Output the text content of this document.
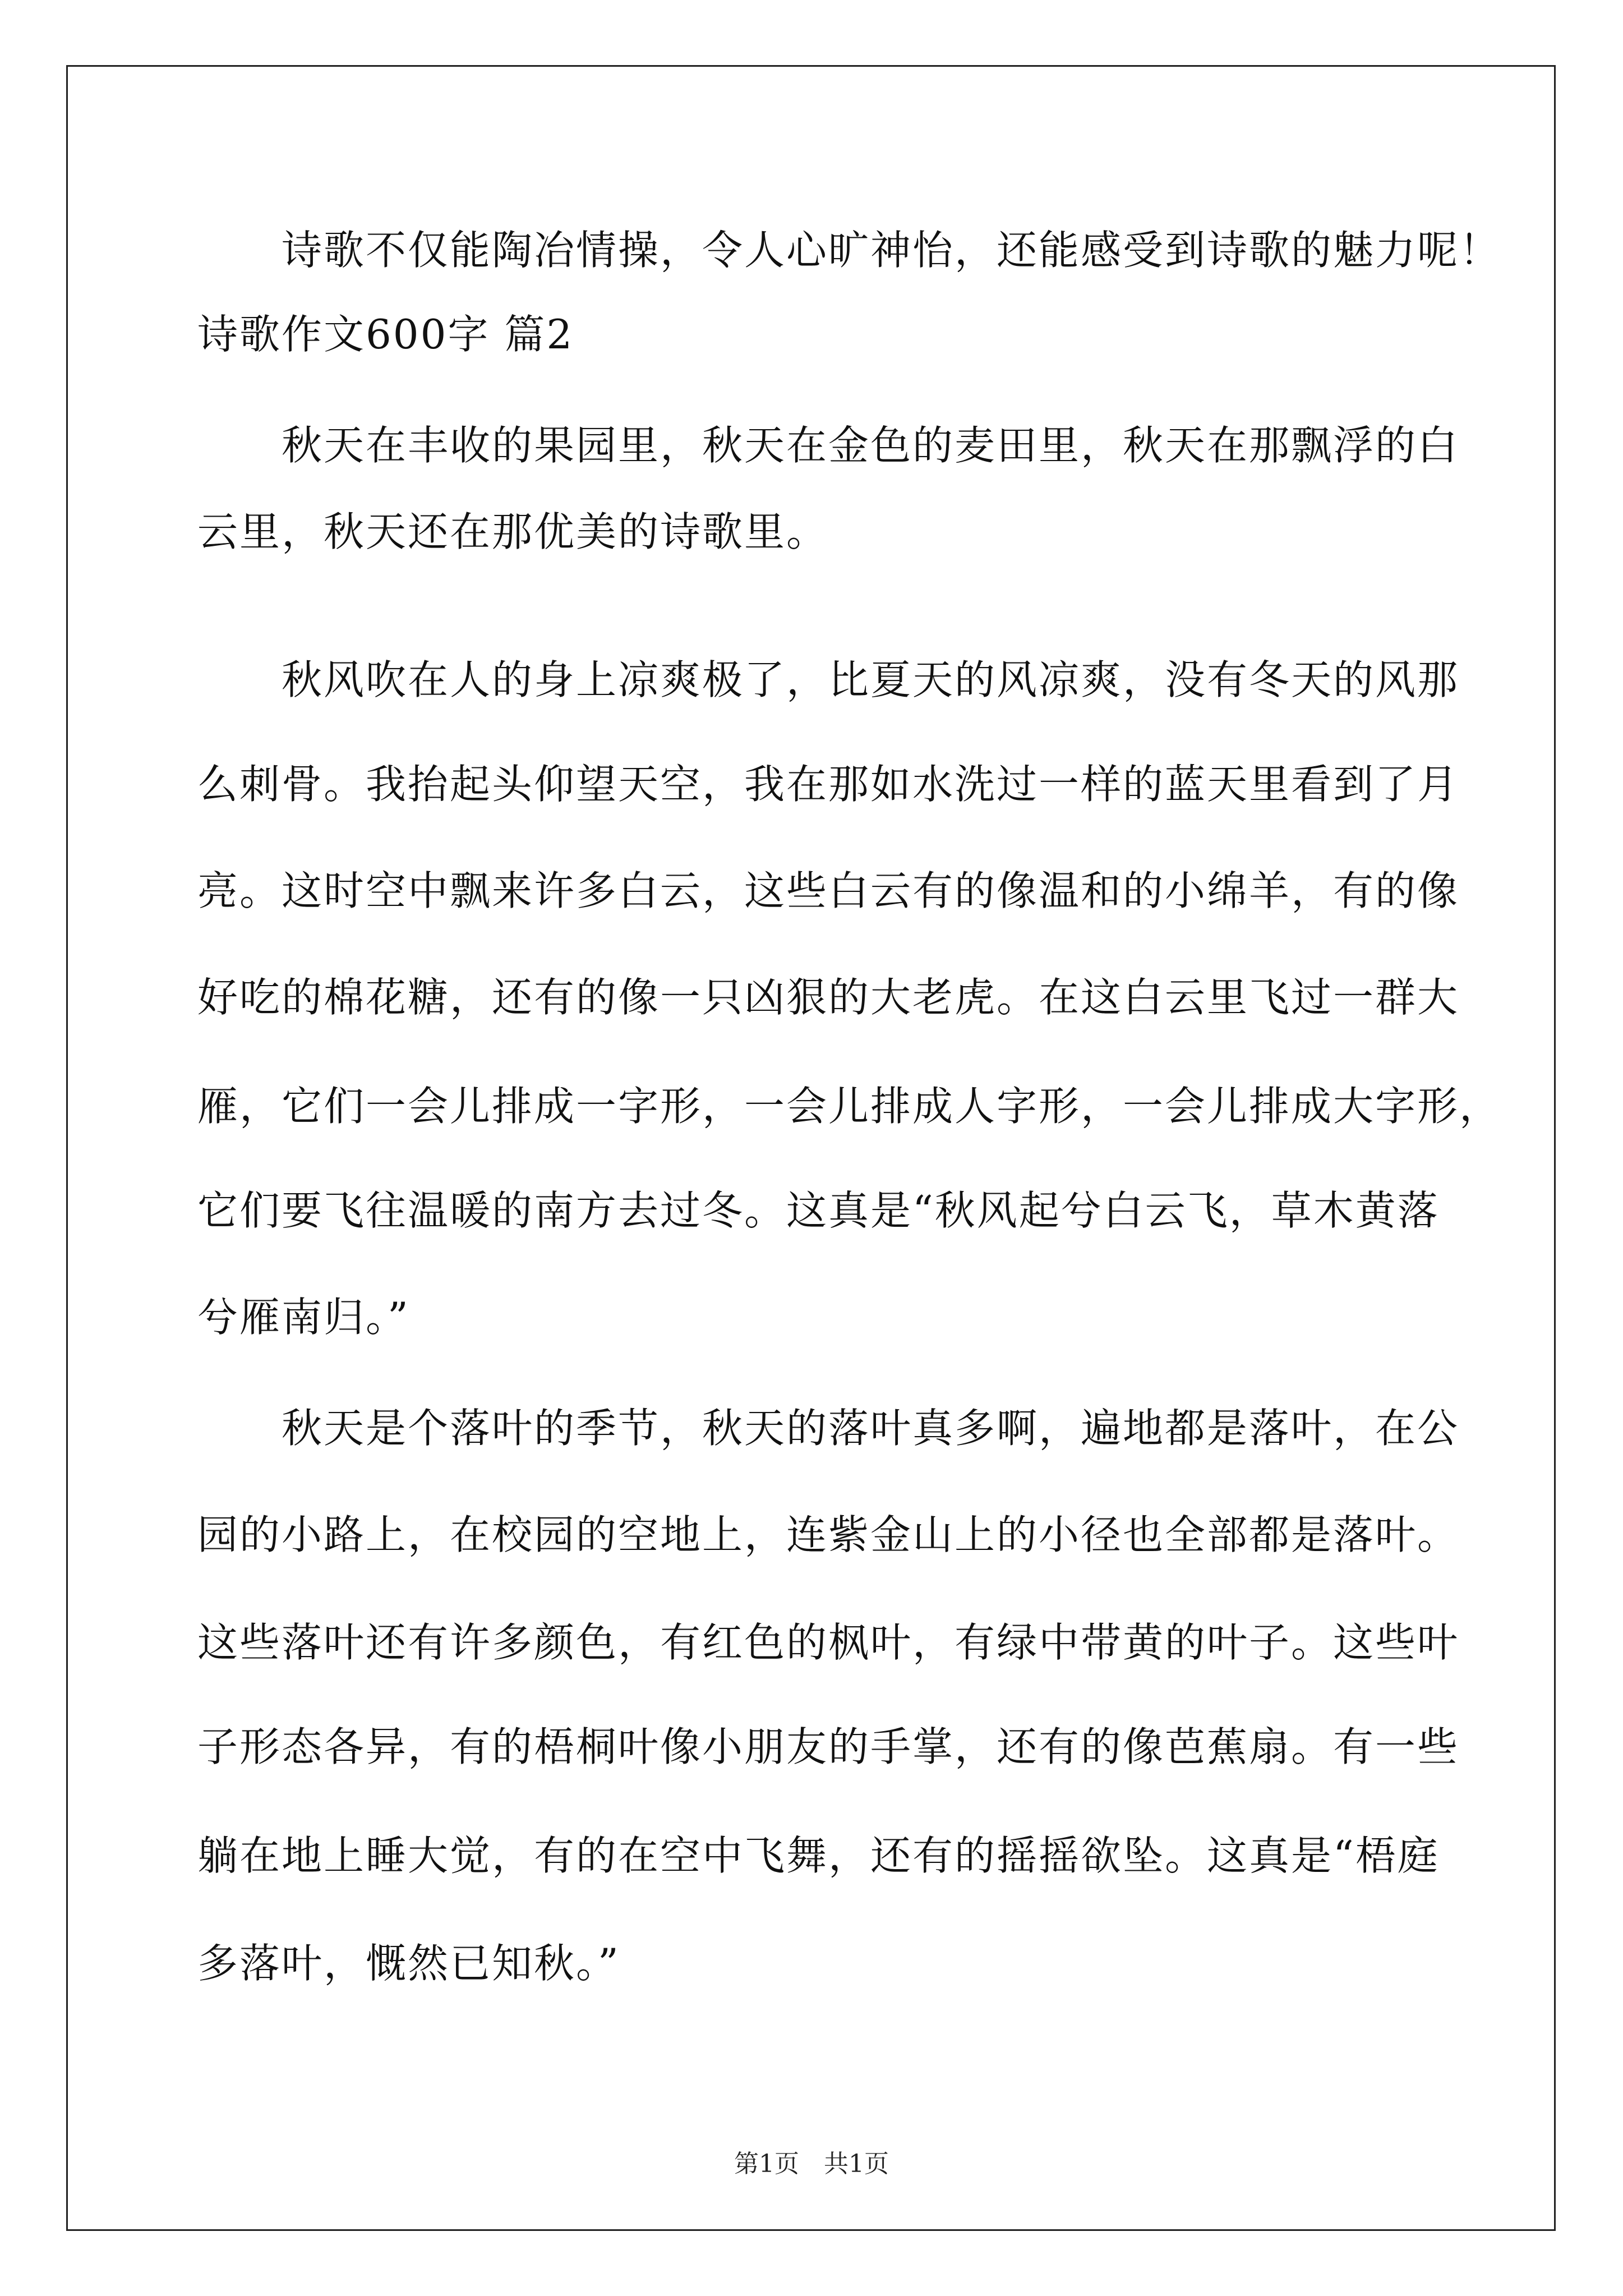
诗歌不仅能陶冶情操，令人心旷神怡，还能感受到诗歌的魅力呢！
诗歌作文600字 篇2
秋天在丰收的果园里，秋天在金色的麦田里，秋天在那飘浮的白
云里，秋天还在那优美的诗歌里。
秋风吹在人的身上凉爽极了，比夏天的风凉爽，没有冬天的风那
么刺骨。我抬起头仰望天空，我在那如水洗过一样的蓝天里看到了月
亮。这时空中飘来许多白云，这些白云有的像温和的小绵羊，有的像
好吃的棉花糖，还有的像一只凶狠的大老虎。在这白云里飞过一群大
雁，它们一会儿排成一字形，一会儿排成人字形，一会儿排成大字形，
它们要飞往温暖的南方去过冬。这真是“秋风起兮白云飞，草木黄落
兮雁南归。”
秋天是个落叶的季节，秋天的落叶真多啊，遍地都是落叶，在公
园的小路上，在校园的空地上，连紫金山上的小径也全部都是落叶。
这些落叶还有许多颜色，有红色的枫叶，有绿中带黄的叶子。这些叶
子形态各异，有的梧桐叶像小朋友的手掌，还有的像芭蕉扇。有一些
躺在地上睡大觉，有的在空中飞舞，还有的摇摇欲坠。这真是“梧庭
多落叶，慨然已知秋。”
第1页　共1页
